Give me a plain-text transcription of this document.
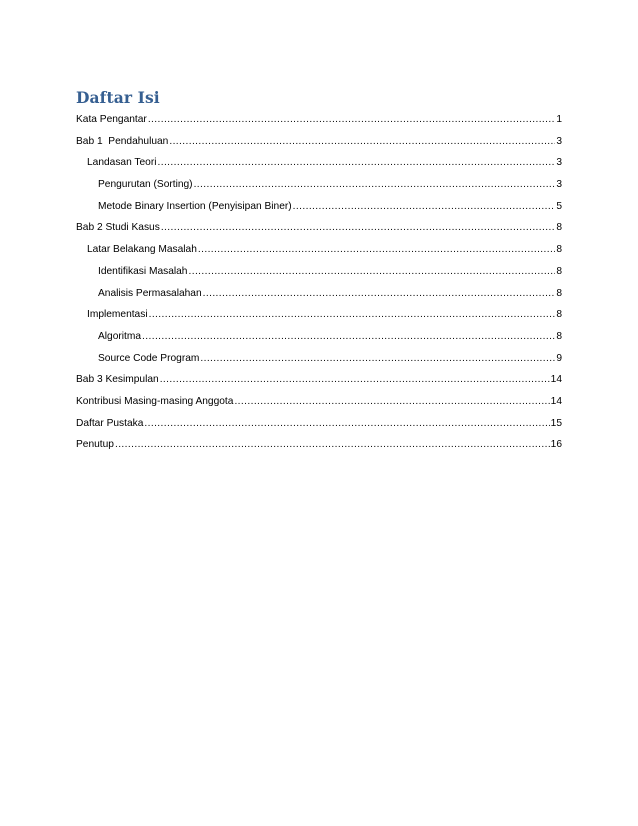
Daftar Isi
Kata Pengantar .....	1
Bab 1  Pendahuluan .....	3
Landasan Teori .....	3
Pengurutan (Sorting) .....	3
Metode Binary Insertion (Penyisipan Biner) .....	5
Bab 2 Studi Kasus .....	8
Latar Belakang Masalah .....	8
Identifikasi Masalah .....	8
Analisis Permasalahan .....	8
Implementasi .....	8
Algoritma .....	8
Source Code Program .....	9
Bab 3 Kesimpulan .....	14
Kontribusi Masing-masing Anggota .....	14
Daftar Pustaka .....	15
Penutup .....	16
